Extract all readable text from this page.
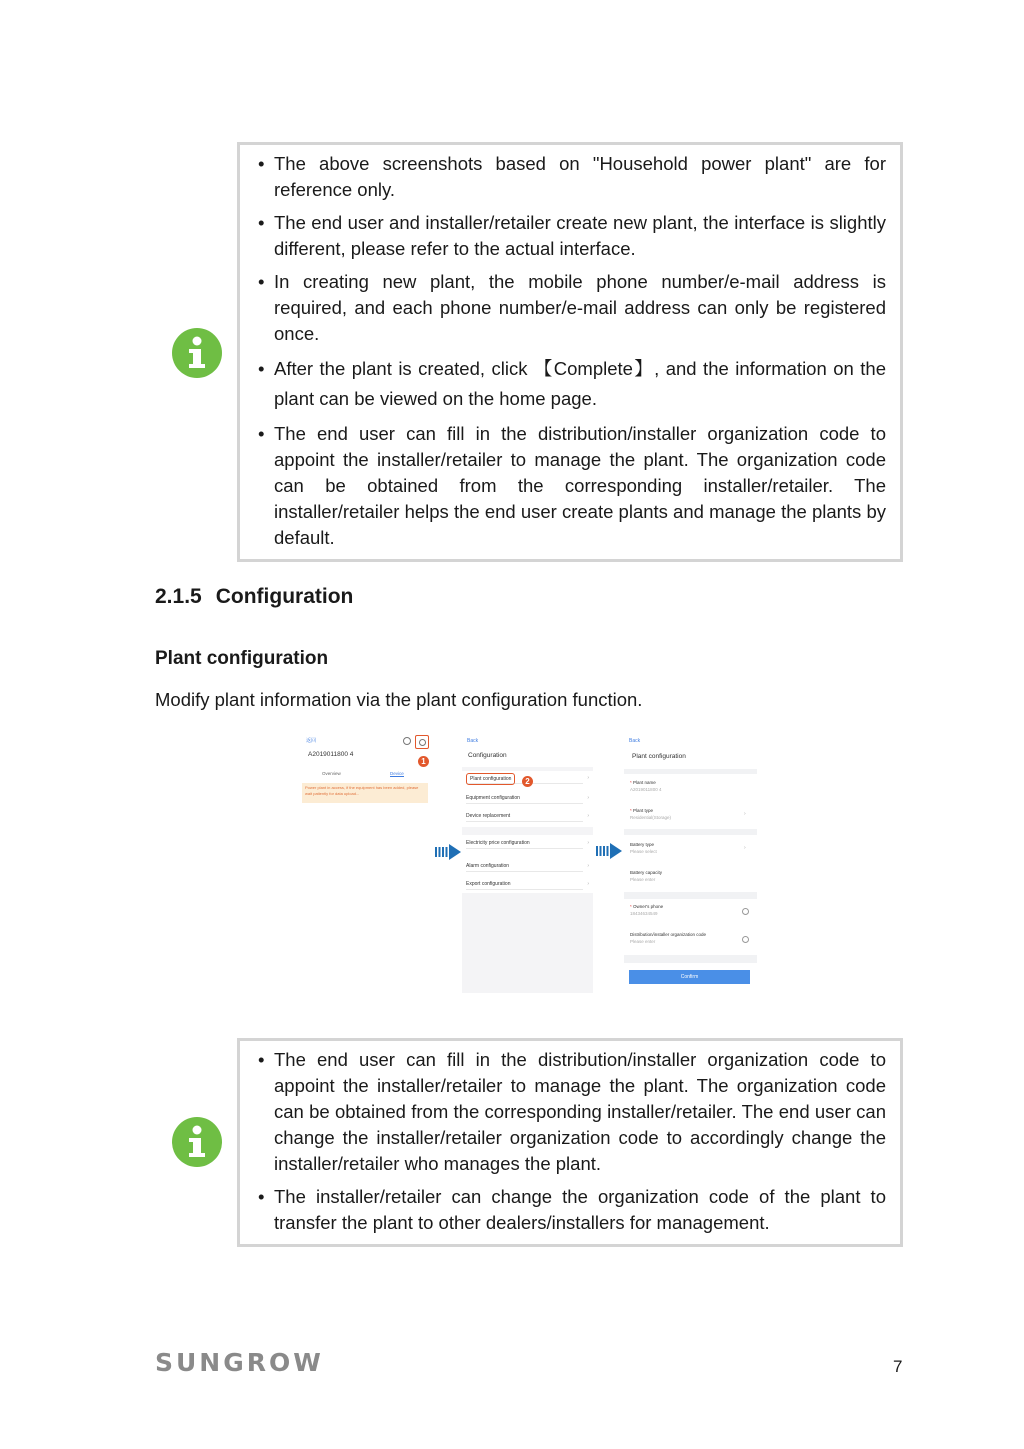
• The above screenshots based on "Household power plant" are for reference only.
• The end user and installer/retailer create new plant, the interface is slightly different, please refer to the actual interface.
• In creating new plant, the mobile phone number/e-mail address is required, and each phone number/e-mail address can only be registered once.
• After the plant is created, click 【Complete】, and the information on the plant can be viewed on the home page.
• The end user can fill in the distribution/installer organization code to appoint the installer/retailer to manage the plant. The organization code can be obtained from the corresponding installer/retailer. The installer/retailer helps the end user create plants and manage the plants by default.
2.1.5 Configuration
Plant configuration

Modify plant information via the plant configuration function.

返回
A2019011800 4
1
Overview	Device
Power plant in access, if the equipment has been added, please wait patiently for data upload...
Back
Configuration
Plant configuration	›
2
Equipment configuration	›
Device replacement	›
Electricity price configuration	›
Alarm configuration	›
Export configuration	›
Back
Plant configuration
* Plant name
A2019011800 4
* Plant type
Residential(Storage)
›
Battery type
Please select
›
Battery capacity
Please enter
* Owner's phone
18434634549
Distribution/installer organization code
Please enter
Confirm
• The end user can fill in the distribution/installer organization code to appoint the installer/retailer to manage the plant. The organization code can be obtained from the corresponding installer/retailer. The end user can change the installer/retailer organization code to accordingly change the installer/retailer who manages the plant.
• The installer/retailer can change the organization code of the plant to transfer the plant to other dealers/installers for management.
SUNGROW	7
